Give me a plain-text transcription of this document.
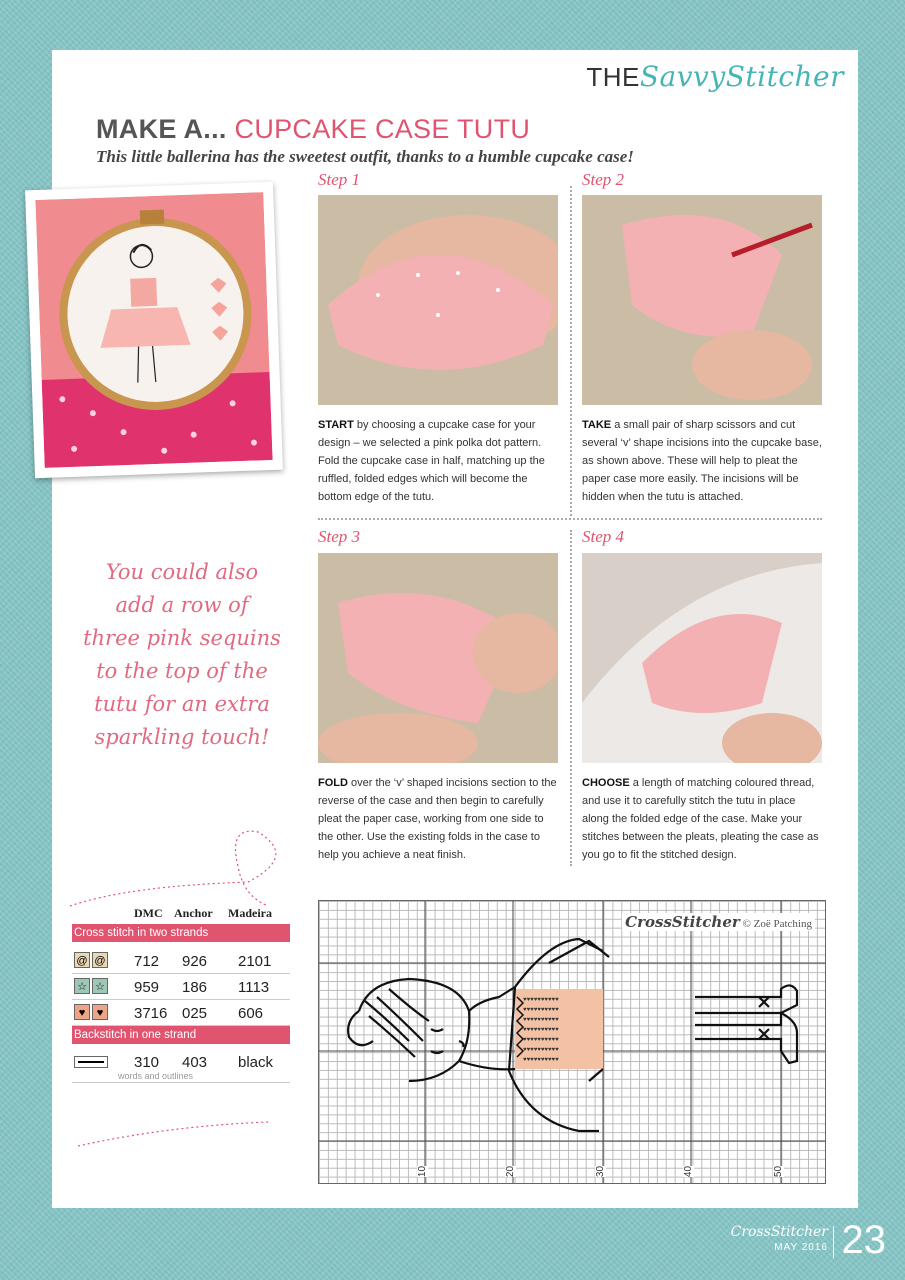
THESavvyStitcher
MAKE A... CUPCAKE CASE TUTU
This little ballerina has the sweetest outfit, thanks to a humble cupcake case!
Step 1
START by choosing a cupcake case for your design – we selected a pink polka dot pattern. Fold the cupcake case in half, matching up the ruffled, folded edges which will become the bottom edge of the tutu.
Step 2
TAKE a small pair of sharp scissors and cut several ‘v’ shape incisions into the cupcake base, as shown above. These will help to pleat the paper case more easily. The incisions will be hidden when the tutu is attached.
Step 3
FOLD over the ‘v’ shaped incisions section to the reverse of the case and then begin to carefully pleat the paper case, working from one side to the other. Use the existing folds in the case to help you achieve a neat finish.
Step 4
CHOOSE a length of matching coloured thread, and use it to carefully stitch the tutu in place along the folded edge of the case. Make your stitches between the pleats, pleating the case as you go to fit the stitched design.
You could also
add a row of
three pink sequins
to the top of the
tutu for an extra
sparkling touch!
DMC Anchor Madeira
Cross stitch in two strands
@ @ 712 926 2101
☆ ☆ 959 186 1113
♥	♥	3716 025 606
Backstitch in one strand
310 403 black
words and outlines
♥♥♥♥♥♥♥♥♥♥
♥♥♥♥♥♥♥♥♥♥
♥♥♥♥♥♥♥♥♥♥
♥♥♥♥♥♥♥♥♥♥
♥♥♥♥♥♥♥♥♥♥
♥♥♥♥♥♥♥♥♥♥
♥♥♥♥♥♥♥♥♥♥
CrossStitcher © Zoë Patching
10	20	30	40	50
CrossStitcher
MAY 2016 23
